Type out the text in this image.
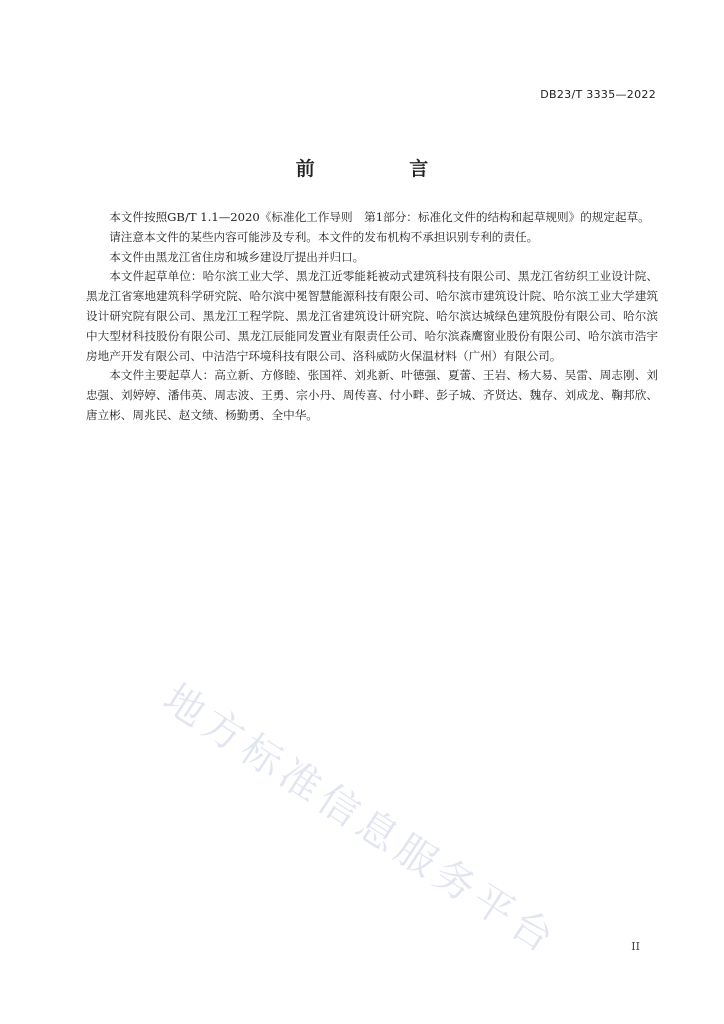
DB23/T 3335—2022
前 言

本文件按照GB/T 1.1—2020《标准化工作导则　第1部分：标准化文件的结构和起草规则》的规定起草。

请注意本文件的某些内容可能涉及专利。本文件的发布机构不承担识别专利的责任。

本文件由黑龙江省住房和城乡建设厅提出并归口。

本文件起草单位：哈尔滨工业大学、黑龙江近零能耗被动式建筑科技有限公司、黑龙江省纺织工业设计院、黑龙江省寒地建筑科学研究院、哈尔滨中冕智慧能源科技有限公司、哈尔滨市建筑设计院、哈尔滨工业大学建筑设计研究院有限公司、黑龙江工程学院、黑龙江省建筑设计研究院、哈尔滨达城绿色建筑股份有限公司、哈尔滨中大型材科技股份有限公司、黑龙江辰能同发置业有限责任公司、哈尔滨森鹰窗业股份有限公司、哈尔滨市浩宇房地产开发有限公司、中洁浩宁环境科技有限公司、洛科威防火保温材料（广州）有限公司。

本文件主要起草人：高立新、方修睦、张国祥、刘兆新、叶德强、夏蕾、王岩、杨大易、吴雷、周志刚、刘忠强、刘婷婷、潘伟英、周志波、王勇、宗小丹、周传喜、付小畔、彭子城、齐贤达、魏存、刘成龙、鞠邦欣、唐立彬、周兆民、赵文绩、杨勤勇、全中华。

地方标准信息服务平台	II
